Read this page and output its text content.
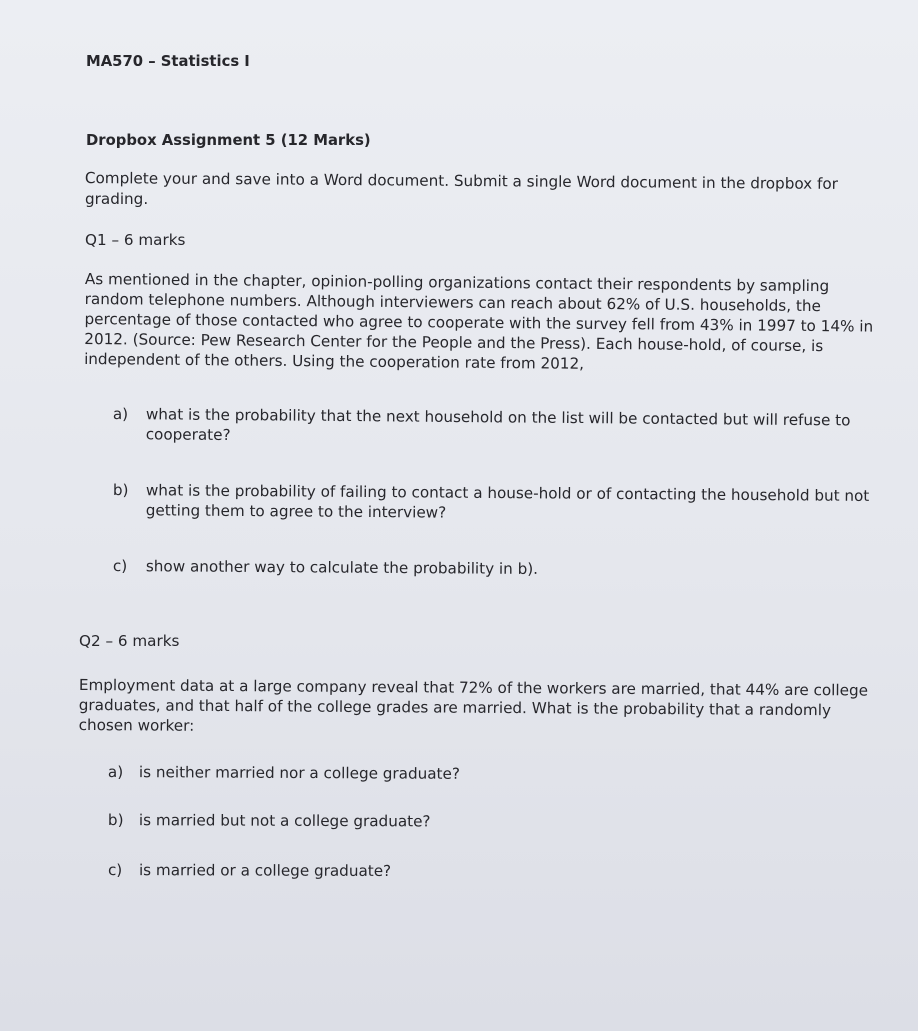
MA570 – Statistics I
Dropbox Assignment 5 (12 Marks)
Complete your and save into a Word document. Submit a single Word document in the dropbox for
grading.
Q1 – 6 marks
As mentioned in the chapter, opinion-polling organizations contact their respondents by sampling
random telephone numbers. Although interviewers can reach about 62% of U.S. households, the
percentage of those contacted who agree to cooperate with the survey fell from 43% in 1997 to 14% in
2012. (Source: Pew Research Center for the People and the Press). Each house-hold, of course, is
independent of the others. Using the cooperation rate from 2012,
a) what is the probability that the next household on the list will be contacted but will refuse to
cooperate?
b) what is the probability of failing to contact a house-hold or of contacting the household but not
getting them to agree to the interview?
c) show another way to calculate the probability in b).
Q2 – 6 marks
Employment data at a large company reveal that 72% of the workers are married, that 44% are college
graduates, and that half of the college grades are married. What is the probability that a randomly
chosen worker:
a) is neither married nor a college graduate?
b) is married but not a college graduate?
c) is married or a college graduate?
